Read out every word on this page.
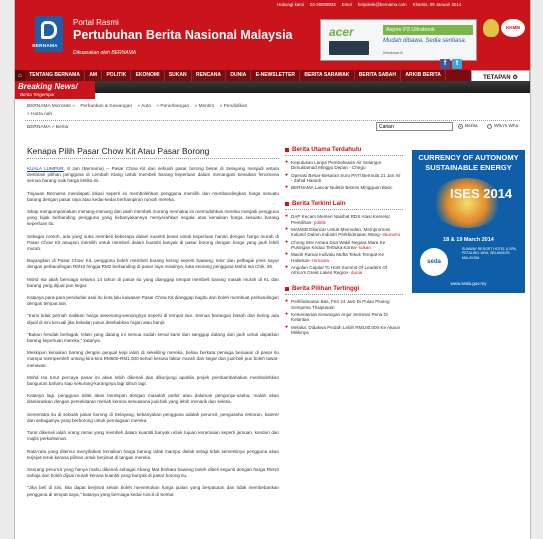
Hubungi kami 03-26939933 Emel helpdesk@bernama.com Khamis, 09 Januari 2014
BERNAMA
Portal Rasmi
Pertubuhan Berita Nasional Malaysia
Dikuasakan oleh BERNAMA
acer	Aspire P3 Ultrabook
Mudah dibawa. Sedia sentiasa.
Windows 8
KKMM
f	t
⌂	TENTANG BERNAMA	AM	POLITIK	EKONOMI	SUKAN	RENCANA	DUNIA	E-NEWSLETTER	BERITA SARAWAK	BERITA SABAH	ARKIB BERITA	TETAPAN ⚙
Breaking News/
Berita Tergempar
BERNAMA Microsite » Perbankan & Kewangan » Auto » Penerbangan » Mentim » Pendidikan
» Harta nah
BERNAMA » Berita
Carian	Berita	Who's Who
Kenapa Pilih Pasar Chow Kit Atau Pasar Borong

KUALA LUMPUR, 8 Jan (Bernama) -- Pasar Chow Kit dan sebuah pasar borong besar di Selayang menjadi antara destinasi pilihan pengguna di Lembah Klang untuk membeli barang keperluan dalam menangani kenaikan fenomena semua barang naik harga ketika ini.

Tinjauan Bernama mendapati lokasi seperti ini membolehkan pengguna memilih dan membandingkan harga sesuatu barang dengan pasar raya atau kedai-kedai berhampiran rumah mereka.

Sikap mengumpamakan menang-menang dan ialah membeli murang memakai ini memudahkan mereka menjadi pengguna yang bijak berbanding pengguna yang kebanyakannya menyerahkan segala atas kenaikan harga sesuatu barang keperluan itu.

Sebagai contoh, ada yang suka membeli beberapa dalam kuantiti besar untuk keperluan harian dengan harga murah di Pasar Chow Kit ataupun memilih untuk membeli dalam kuantiti banyak di pasar borong dengan harga yang jauh lebih murah.

Bayangkan di Pasar Chow Kit, pengguna boleh membeli barang kering seperti bawang, telur dan pelbagai jenis sayur dengan perbandingan RM10 hingga RM2 berbanding di pasar raya misalnya, kata seorang pengguna Mohd Isa Chik, 35.

Mohd Isa ialah berniaga selama 14 tahun di pasar itu yang dianggap tempat membeli barang masak murah di KL dan barang yang dijual pun segar.

Katanya para-para penduduk asal itu kota lalu kawasan Pasar Chow Kit dianggap bagitu dan boleh membuat perbandingan dengan tempat lain.

"Kami tidak pernah naikkan harga sewenang-wenangnya seperti di tempat lain. Semua barangan basah dan kering ada dijual di sini kecuali jika bekalan putus disebabkan hujan atau banjir.

"Bukan hendak berlagak, lelaki yang datang ini semua sudah kenal kami dan sanggup datang dari jauh untuk dapatkan barang keperluan mereka," katanya.

Meskipun kenaikan barang dengan penjual kepi ialah di sekeliling mereka, beliau berkata peniaga beriaaan di pasar itu mampu memperoleh untung kira-kira RM500-RM1,000 sehari kerana faktor murah dan segar dan jual-beli pun boleh tawar-menawar.

Mohd Isa turut percaya pasar ini akan lebih dikenali dan dikunjungi apabila projek pembambahakan membolehkan bangunan baharu siap sekurang-kurangnya lagi tahun lagi.

Katanya lagi, pengguna tidak akan berdepan dengan masalah parkir atau dalaman pengunjui-usaha, malah akan diselaraskan dengan persekitaran meriah kerana sesuasana jual-beli yang lebih menarik dan selesa.

Sementara itu di sebuah pasar borong di Selayang, kebanyakan pengguna adalah peruncit, pengusaha restoran, katerer dan sebagainya yang berborong untuk perniagaan mereka.

Turut dikenali ialah orang ramai yang membeli dalam kuantiti banyak untuk tujuan keramaian seperti jamuan, kenduri dan majlis perkahwinan.

Rata-rata yang ditemui menyifatkan kenaikan harga barang tidak mampu dielak selagi tidak semestinya pengguna akan terjejas teruk kerana pilihan untuk berjimat di tangan mereka.

Seorang peruncit yang hanya mahu dikenali sebagai Abang Mat berkata bawang boleh dibeli segunit dengan harga RM10 sahaja dan boleh dijual murah kerana kuantiti yang banyak di pasar borong itu.

"Jika beli di sini, kita dapat berjimat selain boleh menentukan harga jualan yang berpatutan dan tidak membebankan pengguna di tempat saya," katanya yang berniaga kedai runcit di Sentul.

Berita Utama Terdahulu
● Keputusan Lanjut Pembebasan Air Selangor Dimuktamad Minggu Depan - Chegu
● Operasi Besar-Besaran Suru PATI Bermula 21 Jan Ini - Zahid Hamidi
● BERNAMA Lancar Buletin Bisnes Mingguan Baoc
Berita Terkini Lain
● DAP Kecam Menteri Nasihat RDS Atasi Kemelut Pemilihan- politik
● MAMSB Dilancar Untuk Memodan, Mempromosi Industri Dalam Industri Perkhidmatan Wang- ekonomi
● Chong Wei Antara Dua Wakil Negara Mara Ke Pusingan Kedua Terbuka Korea- sukan
● Masih Ramai Individu Mufta Tekuk Tempat Ke Halaman- rencana
● Angolan Capital To Host Summit Of Leaders Of Africa's Great Lakes Region- dunia
Berita Pilihan Tertinggi
● Perkhidmatan Bas, Feri 24 Jam Di Pulau Pinang Sempena Thaipusam
● Kementerian Kewangan Anjur Seminar Pena Di Kelantan
● Melaka: Didakwa Pindah Lebih RM100,000 Ke Akaun Milikinya
CURRENCY OF AUTONOMY
SUSTAINABLE ENERGY
ISES 2014
18 & 19 March 2014
seda
SUNWAY RESORT HOTEL & SPA, PETALING JAYA, SELANGOR, MALAYSIA
www.seda.gov.my
